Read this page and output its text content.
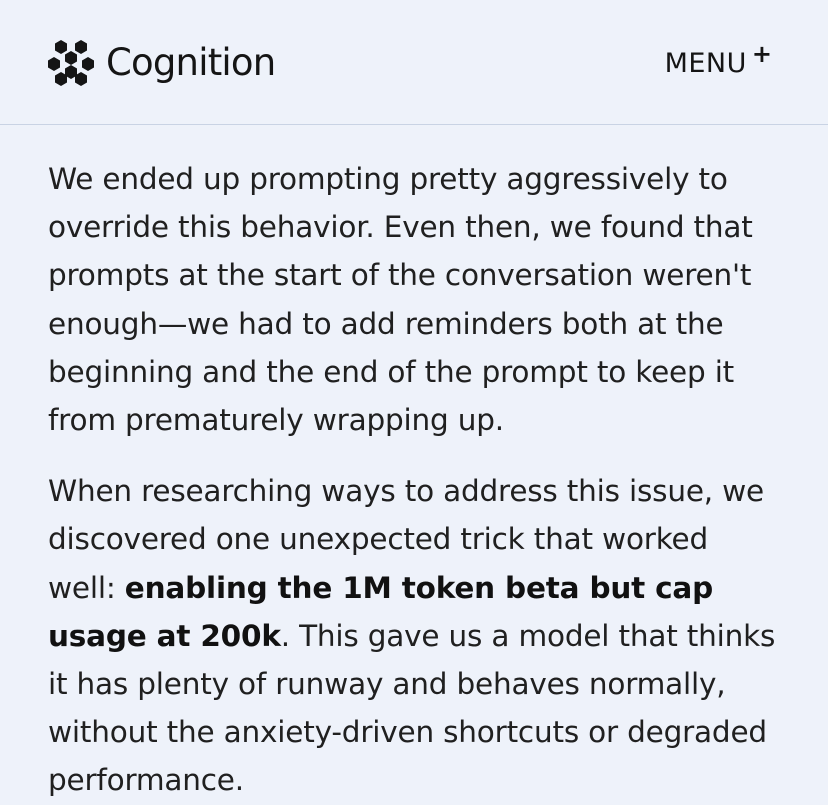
Cognition	MENU +

We ended up prompting pretty aggressively to override this behavior. Even then, we found that prompts at the start of the conversation weren't enough—we had to add reminders both at the beginning and the end of the prompt to keep it from prematurely wrapping up.

When researching ways to address this issue, we discovered one unexpected trick that worked well: enabling the 1M token beta but cap usage at 200k. This gave us a model that thinks it has plenty of runway and behaves normally, without the anxiety-driven shortcuts or degraded performance.
